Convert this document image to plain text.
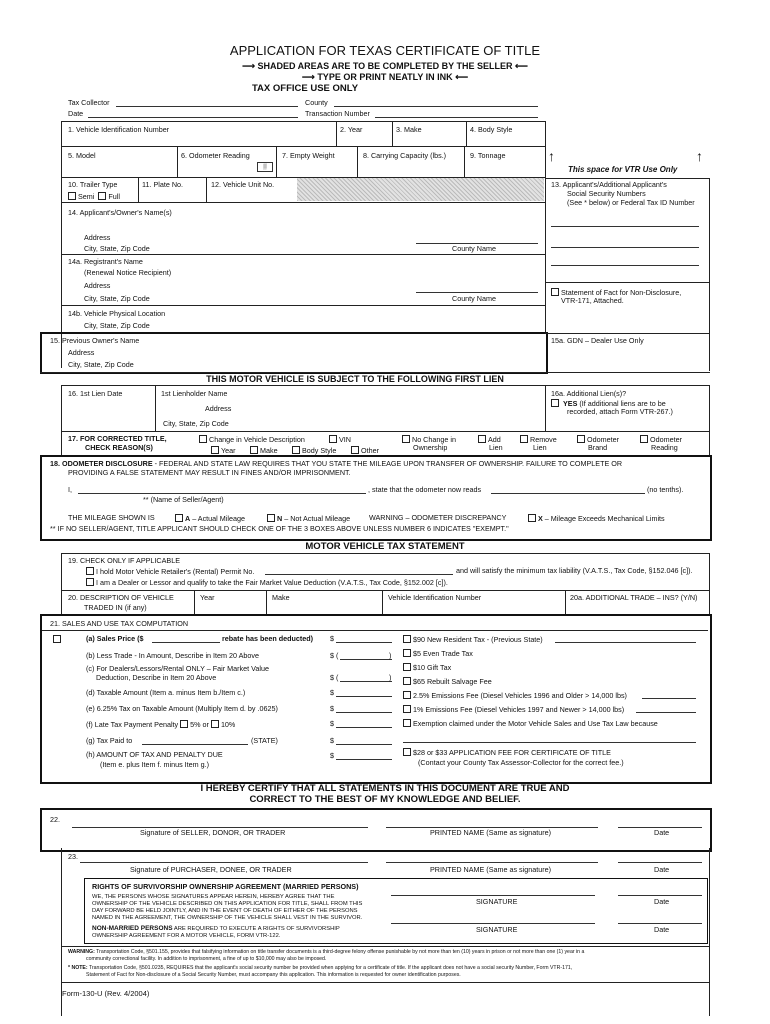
APPLICATION FOR TEXAS CERTIFICATE OF TITLE
⟶ SHADED AREAS ARE TO BE COMPLETED BY THE SELLER ⟵
⟶ TYPE OR PRINT NEATLY IN INK ⟵
TAX OFFICE USE ONLY
Tax Collector	County
Date	Transaction Number
1. Vehicle Identification Number	2. Year	3. Make	4. Body Style
5. Model	6. Odometer Reading
▒
7. Empty Weight	8. Carrying Capacity (lbs.)	9. Tonnage	↑	↑
This space for VTR Use Only
10. Trailer Type
Semi Full
11. Plate No.	12. Vehicle Unit No.	13. Applicant's/Additional Applicant's
Social Security Numbers
(See * below) or Federal Tax ID Number
14. Applicant's/Owner's Name(s)
Address
City, State, Zip Code	County Name
14a. Registrant's Name
(Renewal Notice Recipient)
Address
City, State, Zip Code	County Name
Statement of Fact for Non-Disclosure,
VTR-171, Attached.
14b. Vehicle Physical Location
City, State, Zip Code
15. Previous Owner's Name
Address
City, State, Zip Code
15a. GDN – Dealer Use Only
THIS MOTOR VEHICLE IS SUBJECT TO THE FOLLOWING FIRST LIEN
16. 1st Lien Date	1st Lienholder Name
Address
City, State, Zip Code
16a. Additional Lien(s)?
YES (If additional liens are to be
recorded, attach Form VTR-267.)
17. FOR CORRECTED TITLE,
CHECK REASON(S)
Change in Vehicle Description	VIN
Year	Make	Body Style	Other
No Change in
Ownership
Add
Lien
Remove
Lien
Odometer
Brand
Odometer
Reading
18. ODOMETER DISCLOSURE - FEDERAL AND STATE LAW REQUIRES THAT YOU STATE THE MILEAGE UPON TRANSFER OF OWNERSHIP. FAILURE TO COMPLETE OR
PROVIDING A FALSE STATEMENT MAY RESULT IN FINES AND/OR IMPRISONMENT.
I,	, state that the odometer now reads	(no tenths).
** (Name of Seller/Agent)
THE MILEAGE SHOWN IS	A – Actual Mileage	N – Not Actual Mileage	WARNING – ODOMETER DISCREPANCY	X – Mileage Exceeds Mechanical Limits
** IF NO SELLER/AGENT, TITLE APPLICANT SHOULD CHECK ONE OF THE 3 BOXES ABOVE UNLESS NUMBER 6 INDICATES "EXEMPT."
MOTOR VEHICLE TAX STATEMENT
19. CHECK ONLY IF APPLICABLE
I hold Motor Vehicle Retailer's (Rental) Permit No.	and will satisfy the minimum tax liability (V.A.T.S., Tax Code, §152.046 [c]).
I am a Dealer or Lessor and qualify to take the Fair Market Value Deduction (V.A.T.S., Tax Code, §152.002 [c]).
20. DESCRIPTION OF VEHICLE
TRADED IN (if any)
Year	Make	Vehicle Identification Number	20a. ADDITIONAL TRADE – INS? (Y/N)
21. SALES AND USE TAX COMPUTATION
(a) Sales Price ($	rebate has been deducted) $
(b) Less Trade - In Amount, Describe in Item 20 Above	$ (	)
(c) For Dealers/Lessors/Rental ONLY – Fair Market Value
Deduction, Describe in Item 20 Above	$ (	)
(d) Taxable Amount (Item a. minus Item b./Item c.)	$
(e) 6.25% Tax on Taxable Amount (Multiply Item d. by .0625)	$
(f) Late Tax Payment Penalty 5% or 10%	$
(g) Tax Paid to	(STATE)	$
(h) AMOUNT OF TAX AND PENALTY DUE
(Item e. plus Item f. minus Item g.)
$
$90 New Resident Tax - (Previous State)
$5 Even Trade Tax
$10 Gift Tax
$65 Rebuilt Salvage Fee
2.5% Emissions Fee (Diesel Vehicles 1996 and Older > 14,000 lbs)
1% Emissions Fee (Diesel Vehicles 1997 and Newer > 14,000 lbs)
Exemption claimed under the Motor Vehicle Sales and Use Tax Law because
$28 or $33 APPLICATION FEE FOR CERTIFICATE OF TITLE
(Contact your County Tax Assessor-Collector for the correct fee.)
I HEREBY CERTIFY THAT ALL STATEMENTS IN THIS DOCUMENT ARE TRUE AND
CORRECT TO THE BEST OF MY KNOWLEDGE AND BELIEF.
22.
Signature of SELLER, DONOR, OR TRADER	PRINTED NAME (Same as signature)	Date
23.
Signature of PURCHASER, DONEE, OR TRADER	PRINTED NAME (Same as signature)	Date
RIGHTS OF SURVIVORSHIP OWNERSHIP AGREEMENT (MARRIED PERSONS)
WE, THE PERSONS WHOSE SIGNATURES APPEAR HEREIN, HEREBY AGREE THAT THE
OWNERSHIP OF THE VEHICLE DESCRIBED ON THIS APPLICATION FOR TITLE, SHALL FROM THIS
DAY FORWARD BE HELD JOINTLY, AND IN THE EVENT OF DEATH OF EITHER OF THE PERSONS
NAMED IN THE AGREEMENT, THE OWNERSHIP OF THE VEHICLE SHALL VEST IN THE SURVIVOR.
NON-MARRIED PERSONS ARE REQUIRED TO EXECUTE A RIGHTS OF SURVIVORSHIP
OWNERSHIP AGREEMENT FOR A MOTOR VEHICLE, FORM VTR-122.
SIGNATURE	Date
SIGNATURE	Date
WARNING: Transportation Code, §501.155, provides that falsifying information on title transfer documents is a third-degree felony offense punishable by not more than ten (10) years in prison or not more than one (1) year in a
community correctional facility. In addition to imprisonment, a fine of up to $10,000 may also be imposed.
* NOTE: Transportation Code, §501.0235, REQUIRES that the applicant's social security number be provided when applying for a certificate of title. If the applicant does not have a social security Number, Form VTR-171,
Statement of Fact for Non-disclosure of a Social Security Number, must accompany this application. This information is requested for owner identification purposes.
Form-130-U (Rev. 4/2004)
